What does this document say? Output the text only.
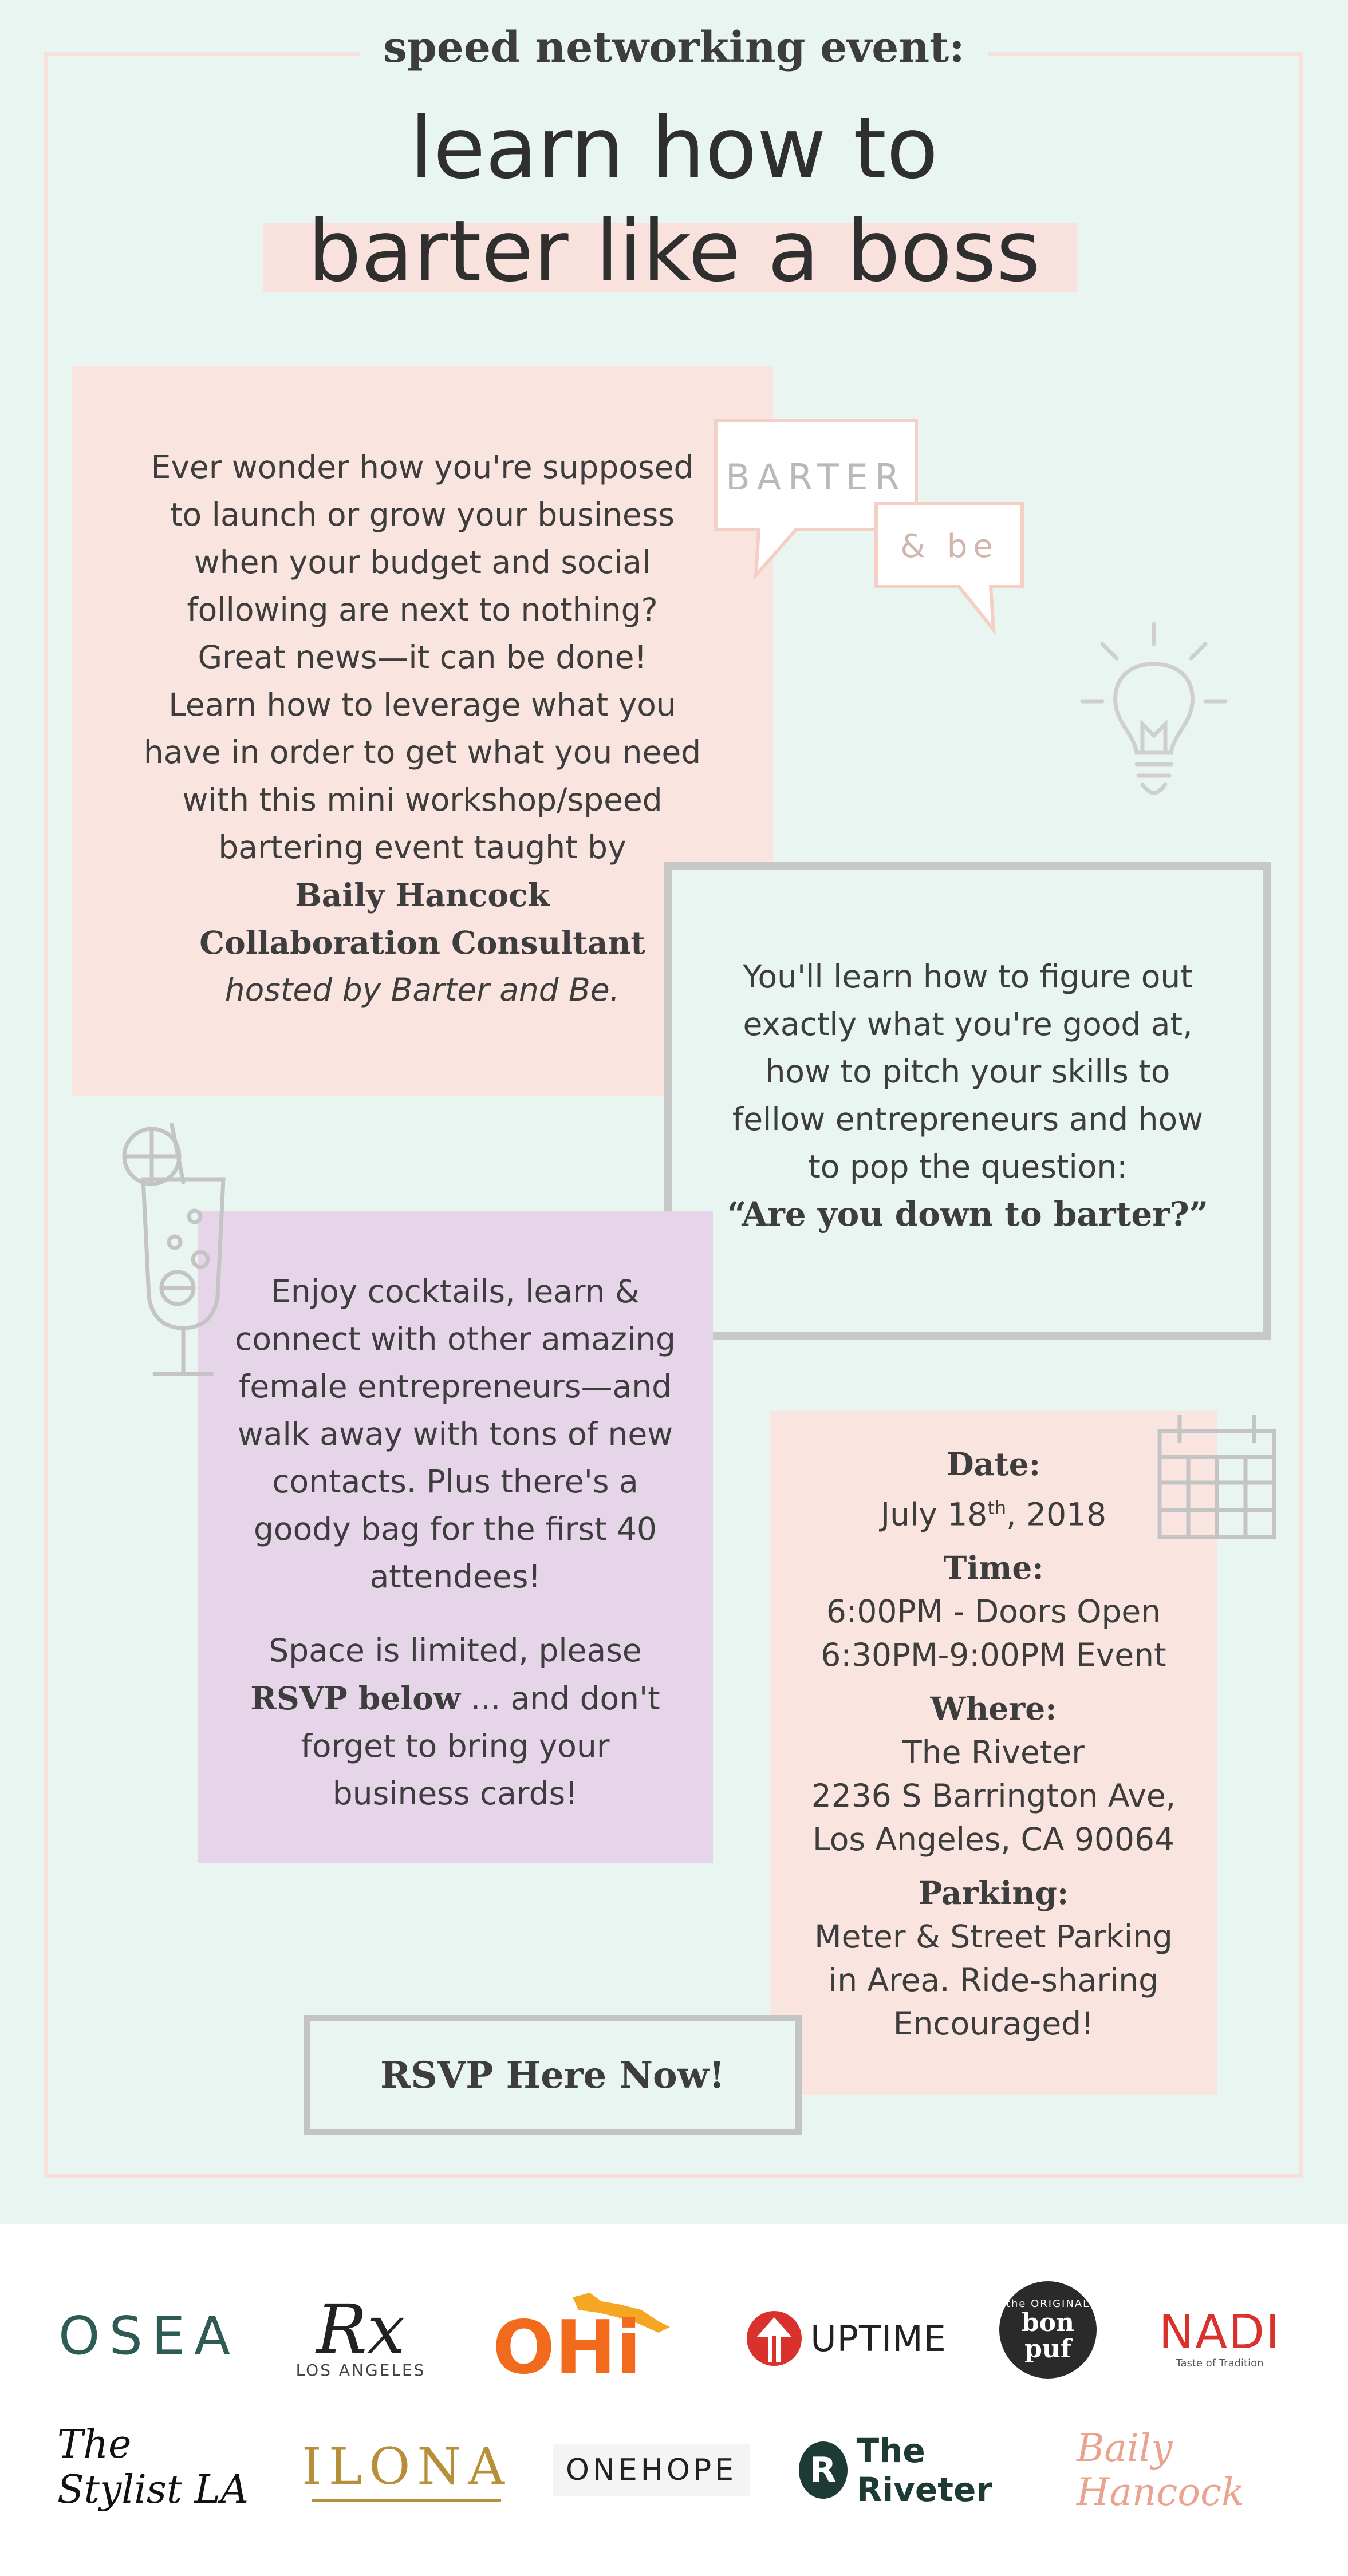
speed networking event:
learn how to
barter like a boss
Ever wonder how you're supposed
to launch or grow your business
when your budget and social
following are next to nothing?
Great news—it can be done!
Learn how to leverage what you
have in order to get what you need
with this mini workshop/speed
bartering event taught by
Baily Hancock
Collaboration Consultant
hosted by Barter and Be.
BARTER
& be
You'll learn how to figure out
exactly what you're good at,
how to pitch your skills to
fellow entrepreneurs and how
to pop the question:
“Are you down to barter?”
Enjoy cocktails, learn &
connect with other amazing
female entrepreneurs—and
walk away with tons of new
contacts. Plus there's a
goody bag for the first 40
attendees!
Space is limited, please
RSVP below ... and don't
forget to bring your
business cards!
Date:
July 18th, 2018
Time:
6:00PM - Doors Open
6:30PM-9:00PM Event
Where:
The Riveter
2236 S Barrington Ave,
Los Angeles, CA 90064
Parking:
Meter & Street Parking
in Area. Ride-sharing
Encouraged!
RSVP Here Now!
OSEA Rx
LOS ANGELES OHi	UPTIME
the ORIGINAL
bon puf NADI
Taste of Tradition
The Stylist LA ILONA	ONEHOPE	R The Riveter
Baily Hancock
